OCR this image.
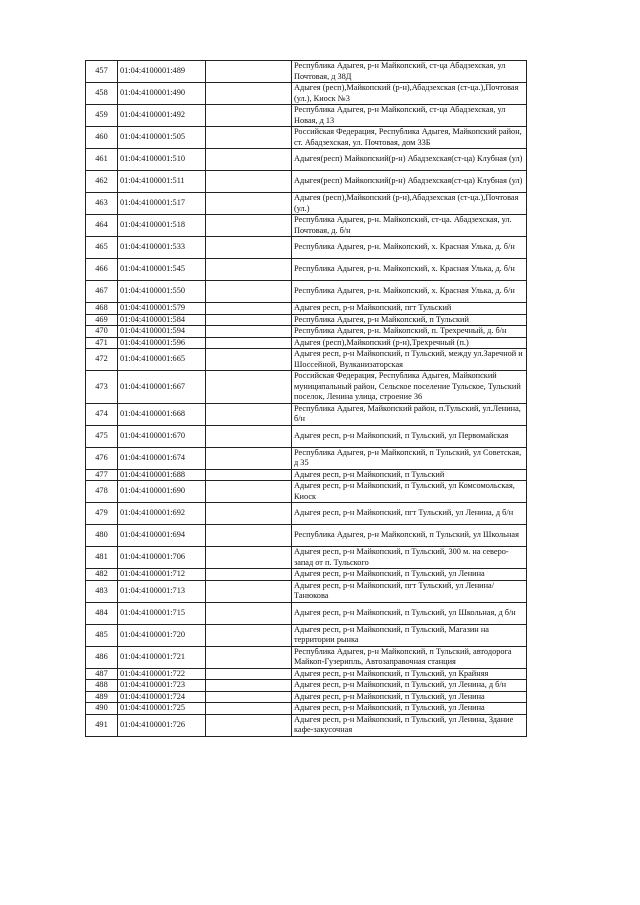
457	01:04:4100001:489		Республика Адыгея, р-н Майкопский, ст-ца Абадзехская, ул Почтовая, д 38Д
458	01:04:4100001:490		Адыгея (респ),Майкопский (р-н),Абадзехская (ст-ца.),Почтовая (ул.), Киоск №3
459	01:04:4100001:492		Республика Адыгея, р-н Майкопский, ст-ца Абадзехская, ул Новая, д 13
460	01:04:4100001:505		Российская Федерация, Республика Адыгея, Майкопский район, ст. Абадзехская, ул. Почтовая, дом 33Б
461	01:04:4100001:510		Адыгея(респ) Майкопский(р-н) Абадзехская(ст-ца) Клубная (ул)
462	01:04:4100001:511		Адыгея(респ) Майкопский(р-н) Абадзехская(ст-ца) Клубная (ул)
463	01:04:4100001:517		Адыгея (респ),Майкопский (р-н),Абадзехская (ст-ца.),Почтовая (ул.)
464	01:04:4100001:518		Республика Адыгея, р-н. Майкопский, ст-ца. Абадзехская, ул. Почтовая, д. б/н
465	01:04:4100001:533		Республика Адыгея, р-н. Майкопский, х. Красная Улька, д. б/н
466	01:04:4100001:545		Республика Адыгея, р-н. Майкопский, х. Красная Улька, д. б/н
467	01:04:4100001:550		Республика Адыгея, р-н. Майкопский, х. Красная Улька, д. б/н
468	01:04:4100001:579		Адыгея респ, р-н Майкопский, пгт Тульский
469	01:04:4100001:584		Республика Адыгея, р-н Майкопский, п Тульский
470	01:04:4100001:594		Республика Адыгея, р-н. Майкопский, п. Трехречный, д. б/н
471	01:04:4100001:596		Адыгея (респ),Майкопский (р-н),Трехречный (п.)
472	01:04:4100001:665		Адыгея респ, р-н Майкопский, п Тульский, между ул.Заречной и Шоссейной, Вулканизаторская
473	01:04:4100001:667		Российская Федерация, Республика Адыгея, Майкопский муниципальный район, Сельское поселение Тульское, Тульский поселок, Ленина улица, строение 36
474	01:04:4100001:668		Республика Адыгея, Майкопский район, п.Тульский, ул.Ленина, б/н
475	01:04:4100001:670		Адыгея респ, р-н Майкопский, п Тульский, ул Первомайская
476	01:04:4100001:674		Республика Адыгея, р-н Майкопский, п Тульский, ул Советская, д 35
477	01:04:4100001:688		Адыгея респ, р-н Майкопский, п Тульский
478	01:04:4100001:690		Адыгея респ, р-н Майкопский, п Тульский, ул Комсомольская, Киоск
479	01:04:4100001:692		Адыгея респ, р-н Майкопский, пгт Тульский, ул Ленина, д б/н
480	01:04:4100001:694		Республика Адыгея, р-н Майкопский, п Тульский, ул Школьная
481	01:04:4100001:706		Адыгея респ, р-н Майкопский, п Тульский, 300 м. на северо-запад от п. Тульского
482	01:04:4100001:712		Адыгея респ, р-н Майкопский, п Тульский, ул Ленина
483	01:04:4100001:713		Адыгея респ, р-н Майкопский, пгт Тульский, ул Ленина/Танюкова
484	01:04:4100001:715		Адыгея респ, р-н Майкопский, п Тульский, ул Школьная, д б/н
485	01:04:4100001:720		Адыгея респ, р-н Майкопский, п Тульский, Магазин на территории рынка
486	01:04:4100001:721		Республика Адыгея, р-н Майкопский, п Тульский, автодорога Майкоп-Гузерипль, Автозаправочная станция
487	01:04:4100001:722		Адыгея респ, р-н Майкопский, п Тульский, ул Крайняя
488	01:04:4100001:723		Адыгея респ, р-н Майкопский, п Тульский, ул Ленина, д б/н
489	01:04:4100001:724		Адыгея респ, р-н Майкопский, п Тульский, ул Ленина
490	01:04:4100001:725		Адыгея респ, р-н Майкопский, п Тульский, ул Ленина
491	01:04:4100001:726		Адыгея респ, р-н Майкопский, п Тульский, ул Ленина, Здание кафе-закусочная
